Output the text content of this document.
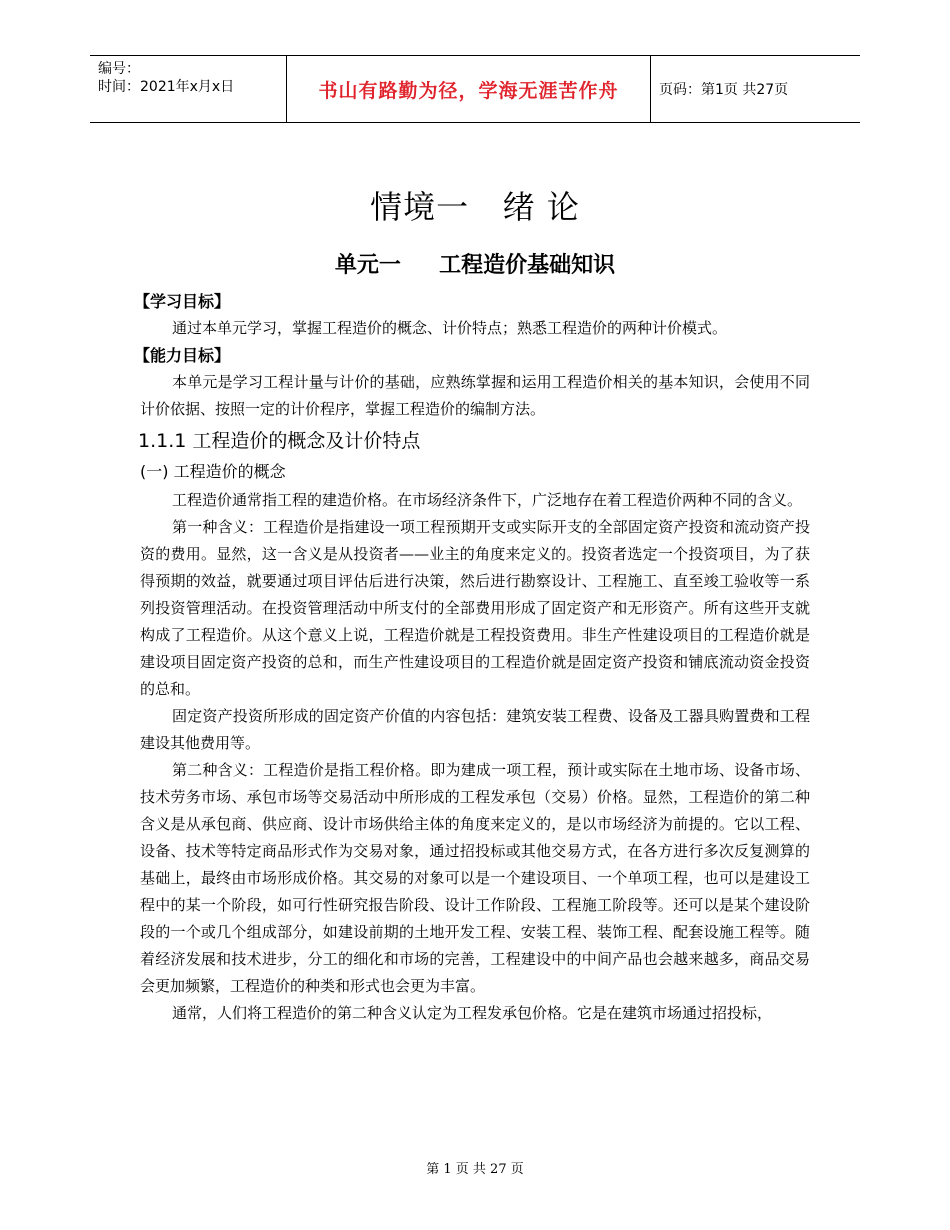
编号：
时间：2021年x月x日	书山有路勤为径，学海无涯苦作舟	页码：第1页 共27页
情境一   绪 论
单元一     工程造价基础知识
【学习目标】

通过本单元学习，掌握工程造价的概念、计价特点；熟悉工程造价的两种计价模式。

【能力目标】

本单元是学习工程计量与计价的基础，应熟练掌握和运用工程造价相关的基本知识，会使用不同计价依据、按照一定的计价程序，掌握工程造价的编制方法。

1.1.1 工程造价的概念及计价特点
(一) 工程造价的概念

工程造价通常指工程的建造价格。在市场经济条件下，广泛地存在着工程造价两种不同的含义。

第一种含义：工程造价是指建设一项工程预期开支或实际开支的全部固定资产投资和流动资产投资的费用。显然，这一含义是从投资者——业主的角度来定义的。投资者选定一个投资项目，为了获得预期的效益，就要通过项目评估后进行决策，然后进行勘察设计、工程施工、直至竣工验收等一系列投资管理活动。在投资管理活动中所支付的全部费用形成了固定资产和无形资产。所有这些开支就构成了工程造价。从这个意义上说，工程造价就是工程投资费用。非生产性建设项目的工程造价就是建设项目固定资产投资的总和，而生产性建设项目的工程造价就是固定资产投资和铺底流动资金投资的总和。

固定资产投资所形成的固定资产价值的内容包括：建筑安装工程费、设备及工器具购置费和工程建设其他费用等。

第二种含义：工程造价是指工程价格。即为建成一项工程，预计或实际在土地市场、设备市场、技术劳务市场、承包市场等交易活动中所形成的工程发承包（交易）价格。显然，工程造价的第二种含义是从承包商、供应商、设计市场供给主体的角度来定义的，是以市场经济为前提的。它以工程、设备、技术等特定商品形式作为交易对象，通过招投标或其他交易方式，在各方进行多次反复测算的基础上，最终由市场形成价格。其交易的对象可以是一个建设项目、一个单项工程，也可以是建设工程中的某一个阶段，如可行性研究报告阶段、设计工作阶段、工程施工阶段等。还可以是某个建设阶段的一个或几个组成部分，如建设前期的土地开发工程、安装工程、装饰工程、配套设施工程等。随着经济发展和技术进步，分工的细化和市场的完善，工程建设中的中间产品也会越来越多，商品交易会更加频繁，工程造价的种类和形式也会更为丰富。

通常，人们将工程造价的第二种含义认定为工程发承包价格。它是在建筑市场通过招投标，

第 1 页 共 27 页
